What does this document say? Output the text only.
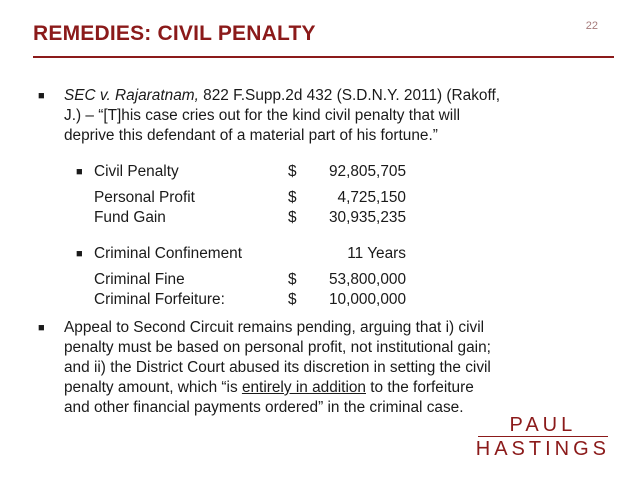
REMEDIES: CIVIL PENALTY	22
■ SEC v. Rajaratnam, 822 F.Supp.2d 432 (S.D.N.Y. 2011) (Rakoff,
J.) – “[T]his case cries out for the kind civil penalty that will
deprive this defendant of a material part of his fortune.”
■ Civil Penalty	$ 92,805,705
Personal Profit	$	4,725,150
Fund Gain	$ 30,935,235
■ Criminal Confinement	11 Years
Criminal Fine	$ 53,800,000
Criminal Forfeiture:	$ 10,000,000
■ Appeal to Second Circuit remains pending, arguing that i) civil
penalty must be based on personal profit, not institutional gain;
and ii) the District Court abused its discretion in setting the civil
penalty amount, which “is entirely in addition to the forfeiture
and other financial payments ordered” in the criminal case.
PAUL
HASTINGS
